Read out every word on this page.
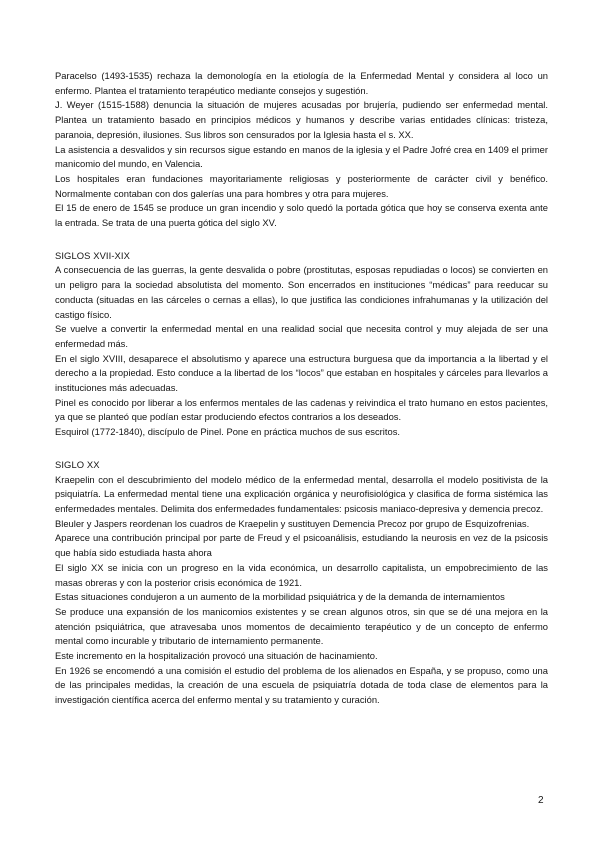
Paracelso (1493-1535) rechaza la demonología en la etiología de la Enfermedad Mental y considera al loco un enfermo. Plantea el tratamiento terapéutico mediante consejos y sugestión.

J. Weyer (1515-1588) denuncia la situación de mujeres acusadas por brujería, pudiendo ser enfermedad mental. Plantea un tratamiento basado en principios médicos y humanos y describe varias entidades clínicas: tristeza, paranoia, depresión, ilusiones. Sus libros son censurados por la Iglesia hasta el s. XX.

La asistencia a desvalidos y sin recursos sigue estando en manos de la iglesia y el Padre Jofré crea en 1409 el primer manicomio del mundo, en Valencia.

Los hospitales eran fundaciones mayoritariamente religiosas y posteriormente de carácter civil y benéfico. Normalmente contaban con dos galerías una para hombres y otra para mujeres.

El 15 de enero de 1545 se produce un gran incendio y solo quedó la portada gótica que hoy se conserva exenta ante la entrada. Se trata de una puerta gótica del siglo XV.

SIGLOS XVII-XIX

A consecuencia de las guerras, la gente desvalida o pobre (prostitutas, esposas repudiadas o locos) se convierten en un peligro para la sociedad absolutista del momento. Son encerrados en instituciones “médicas” para reeducar su conducta (situadas en las cárceles o cernas a ellas), lo que justifica las condiciones infrahumanas y la utilización del castigo físico.

Se vuelve a convertir la enfermedad mental en una realidad social que necesita control y muy alejada de ser una enfermedad más.

En el siglo XVIII, desaparece el absolutismo y aparece una estructura burguesa que da importancia a la libertad y el derecho a la propiedad. Esto conduce a la libertad de los “locos” que estaban en hospitales y cárceles para llevarlos a instituciones más adecuadas.

Pinel es conocido por liberar a los enfermos mentales de las cadenas y reivindica el trato humano en estos pacientes, ya que se planteó que podían estar produciendo efectos contrarios a los deseados.

Esquirol (1772-1840), discípulo de Pinel. Pone en práctica muchos de sus escritos.

SIGLO XX

Kraepelin con el descubrimiento del modelo médico de la enfermedad mental, desarrolla el modelo positivista de la psiquiatría. La enfermedad mental tiene una explicación orgánica y neurofisiológica y clasifica de forma sistémica las enfermedades mentales. Delimita dos enfermedades fundamentales: psicosis maniaco-depresiva y demencia precoz.

Bleuler y Jaspers reordenan los cuadros de Kraepelin y sustituyen Demencia Precoz por grupo de Esquizofrenias.

Aparece una contribución principal por parte de Freud y el psicoanálisis, estudiando la neurosis en vez de la psicosis que había sido estudiada hasta ahora

El siglo XX se inicia con un progreso en la vida económica, un desarrollo capitalista, un empobrecimiento de las masas obreras y con la posterior crisis económica de 1921.

Estas situaciones condujeron a un aumento de la morbilidad psiquiátrica y de la demanda de internamientos

Se produce una expansión de los manicomios existentes y se crean algunos otros, sin que se dé una mejora en la atención psiquiátrica, que atravesaba unos momentos de decaimiento terapéutico y de un concepto de enfermo mental como incurable y tributario de internamiento permanente.

Este incremento en la hospitalización provocó una situación de hacinamiento.

En 1926 se encomendó a una comisión el estudio del problema de los alienados en España, y se propuso, como una de las principales medidas, la creación de una escuela de psiquiatría dotada de toda clase de elementos para la investigación científica acerca del enfermo mental y su tratamiento y curación.

2
